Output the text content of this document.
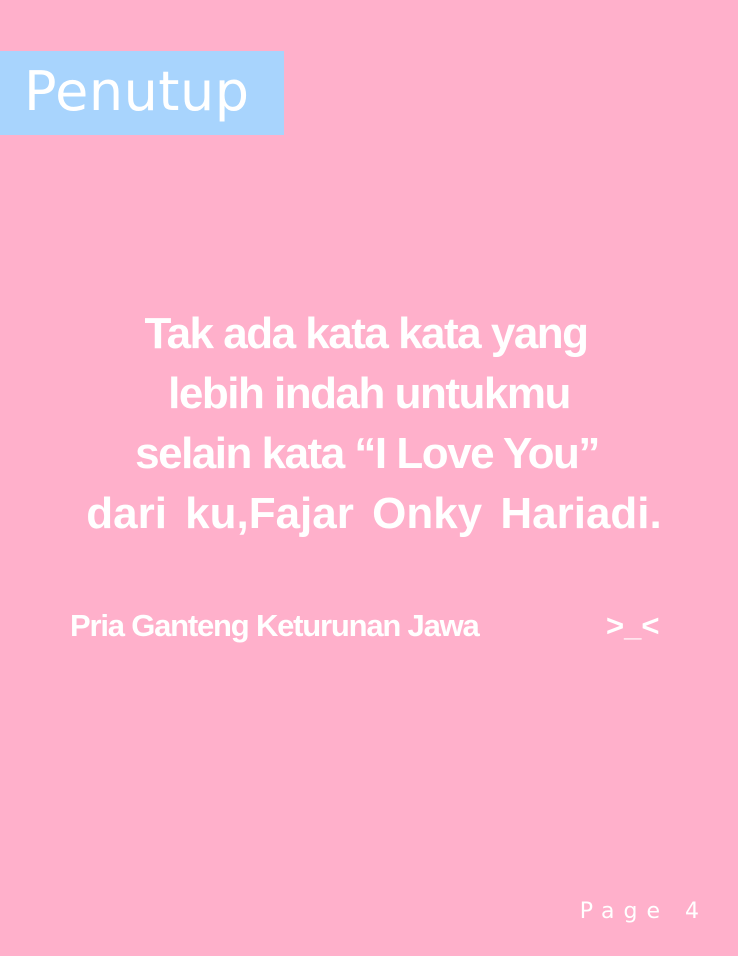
Penutup
Tak ada kata kata yang
lebih indah untukmu
selain kata “I Love You”
dari ku,Fajar Onky Hariadi.
Pria Ganteng Keturunan Jawa	>_<
Page 4
